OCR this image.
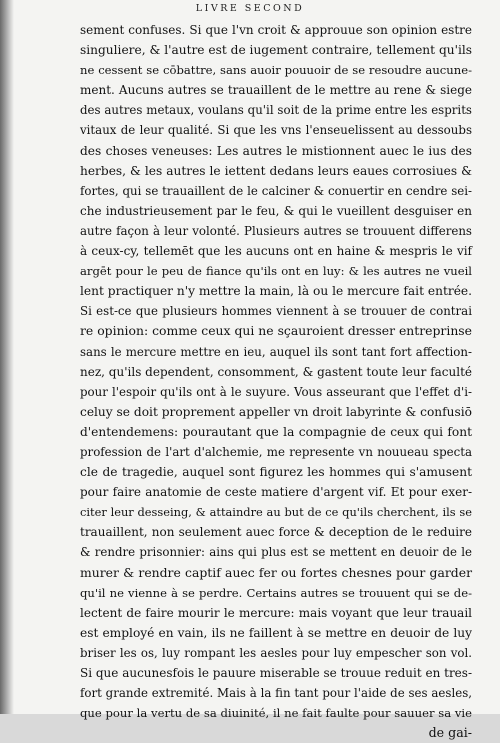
LIVRE SECOND
sement confuses. Si que l'vn croit & approuue son opinion estre
singuliere, & l'autre est de iugement contraire, tellement qu'ils
ne cessent se cōbattre, sans auoir pouuoir de se resoudre aucune-
ment. Aucuns autres se trauaillent de le mettre au rene & siege
des autres metaux, voulans qu'il soit de la prime entre les esprits
vitaux de leur qualité. Si que les vns l'enseuelissent au dessoubs
des choses veneuses: Les autres le mistionnent auec le ius des
herbes, & les autres le iettent dedans leurs eaues corrosiues &
fortes, qui se trauaillent de le calciner & conuertir en cendre sei-
che industrieusement par le feu, & qui le vueillent desguiser en
autre façon à leur volonté. Plusieurs autres se trouuent differens
à ceux-cy, tellemēt que les aucuns ont en haine & mespris le vif
argēt pour le peu de fiance qu'ils ont en luy: & les autres ne vueil
lent practiquer n'y mettre la main, là ou le mercure fait entrée.
Si est-ce que plusieurs hommes viennent à se trouuer de contrai
re opinion: comme ceux qui ne sçauroient dresser entreprinse
sans le mercure mettre en ieu, auquel ils sont tant fort affection-
nez, qu'ils dependent, consomment, & gastent toute leur faculté
pour l'espoir qu'ils ont à le suyure. Vous asseurant que l'effet d'i-
celuy se doit proprement appeller vn droit labyrinte & confusiō
d'entendemens: pourautant que la compagnie de ceux qui font
profession de l'art d'alchemie, me represente vn nouueau specta
cle de tragedie, auquel sont figurez les hommes qui s'amusent
pour faire anatomie de ceste matiere d'argent vif. Et pour exer-
citer leur desseing, & attaindre au but de ce qu'ils cherchent, ils se
trauaillent, non seulement auec force & deception de le reduire
& rendre prisonnier: ains qui plus est se mettent en deuoir de le
murer & rendre captif auec fer ou fortes chesnes pour garder
qu'il ne vienne à se perdre. Certains autres se trouuent qui se de-
lectent de faire mourir le mercure: mais voyant que leur trauail
est employé en vain, ils ne faillent à se mettre en deuoir de luy
briser les os, luy rompant les aesles pour luy empescher son vol.
Si que aucunesfois le pauure miserable se trouue reduit en tres-
fort grande extremité. Mais à la fin tant pour l'aide de ses aesles,
que pour la vertu de sa diuinité, il ne fait faulte pour sauuer sa vie
de gai-
